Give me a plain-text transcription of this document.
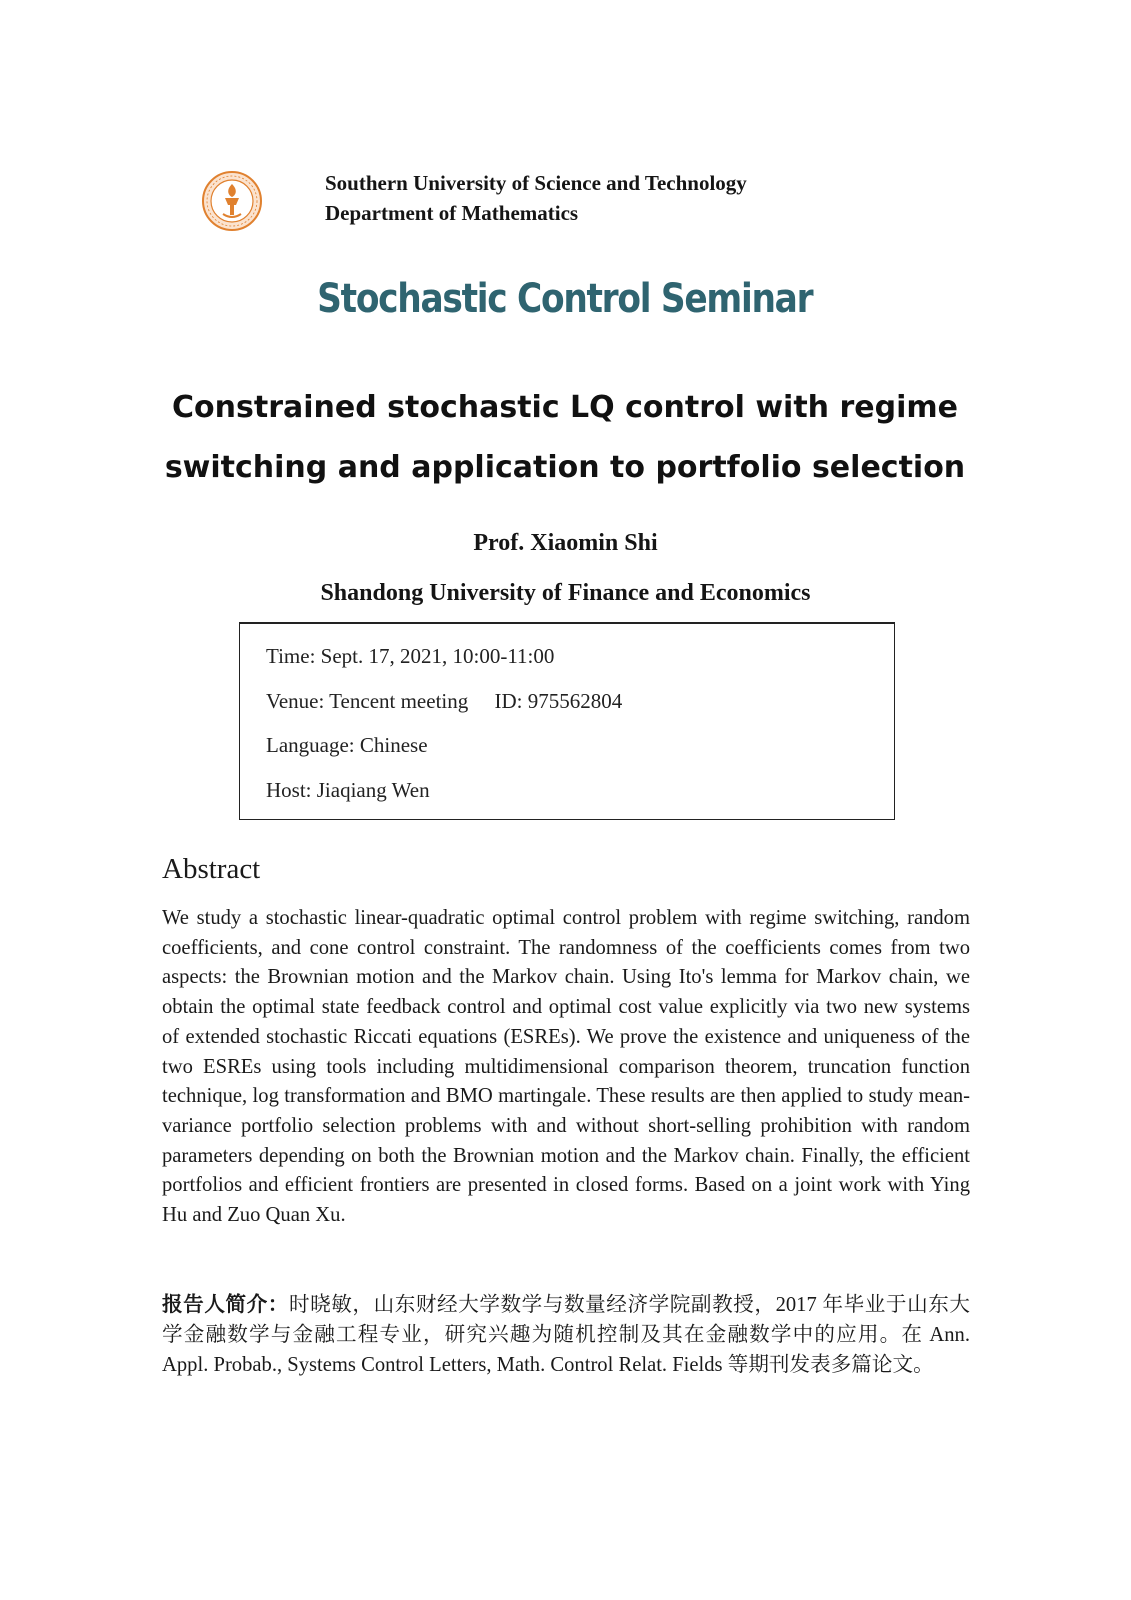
Southern University of Science and Technology
Department of Mathematics
Stochastic Control Seminar
Constrained stochastic LQ control with regime
switching and application to portfolio selection
Prof. Xiaomin Shi
Shandong University of Finance and Economics
Time: Sept. 17, 2021, 10:00-11:00
Venue: Tencent meeting     ID: 975562804
Language: Chinese
Host: Jiaqiang Wen
Abstract
We study a stochastic linear-quadratic optimal control problem with regime switching, random coefficients, and cone control constraint. The randomness of the coefficients comes from two aspects: the Brownian motion and the Markov chain. Using Ito's lemma for Markov chain, we obtain the optimal state feedback control and optimal cost value explicitly via two new systems of extended stochastic Riccati equations (ESREs). We prove the existence and uniqueness of the two ESREs using tools including multidimensional comparison theorem, truncation function technique, log transformation and BMO martingale. These results are then applied to study mean-variance portfolio selection problems with and without short-selling prohibition with random parameters depending on both the Brownian motion and the Markov chain. Finally, the efficient portfolios and efficient frontiers are presented in closed forms. Based on a joint work with Ying Hu and Zuo Quan Xu.
报告人简介：时晓敏，山东财经大学数学与数量经济学院副教授，2017 年毕业于山东大学金融数学与金融工程专业，研究兴趣为随机控制及其在金融数学中的应用。在 Ann. Appl. Probab., Systems Control Letters, Math. Control Relat. Fields 等期刊发表多篇论文。
